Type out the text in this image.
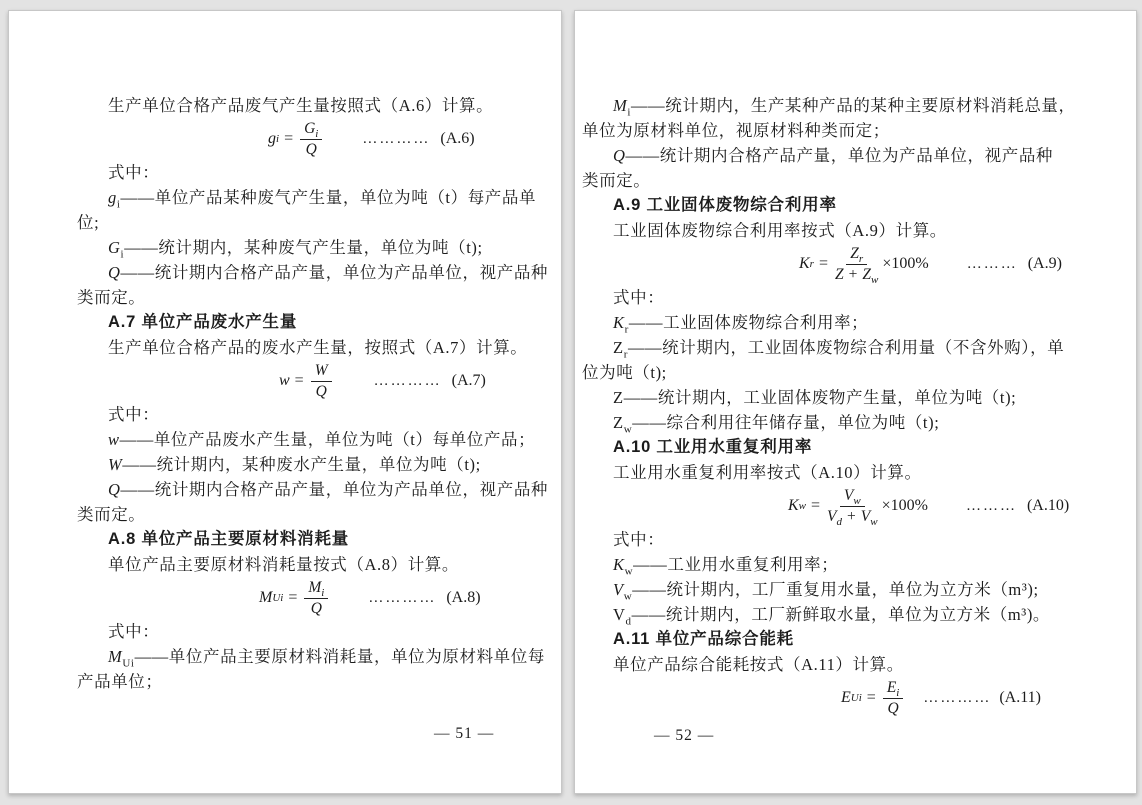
生产单位合格产品废气产生量按照式（A.6）计算。
g $i = \frac{G_i}{Q}$	………… (A.6)
式中：
$g_i——$单位产品某种废气产生量，单位为吨（t）每产品单
位;
$G_i——$统计期内，某种废气产生量，单位为吨（t);
Q——统计期内合格产品产量，单位为产品单位，视产品种
类而定。
A.7 单位产品废水产生量
生产单位合格产品的废水产生量，按照式（A.7）计算。
$w = \frac{W}{Q}$	………… (A.7)
式中：
w——单位产品废水产生量，单位为吨（t）每单位产品；
W——统计期内，某种废水产生量，单位为吨（t);
Q——统计期内合格产品产量，单位为产品单位，视产品种
类而定。
A.8 单位产品主要原材料消耗量
单位产品主要原材料消耗量按式（A.8）计算。
M $Ui = \frac{M_i}{Q}$	………… (A.8)
式中：
$M_{Ui}——$单位产品主要原材料消耗量，单位为原材料单位每
产品单位；
— 51 —
$M_i——$统计期内，生产某种产品的某种主要原材料消耗总量，
单位为原材料单位，视原材料种类而定；
Q——统计期内合格产品产量，单位为产品单位，视产品种
类而定。
A.9 工业固体废物综合利用率
工业固体废物综合利用率按式（A.9）计算。
K $r = \frac{Z_r}{Z + Z_w} \times 100\%$	……… (A.9)
式中：
$K_r——$工业固体废物综合利用率；
$Z_r——$统计期内，工业固体废物综合利用量（不含外购），单
位为吨（t);
Z——统计期内，工业固体废物产生量，单位为吨（t);
$Z_w——$综合利用往年储存量，单位为吨（t);
A.10 工业用水重复利用率
工业用水重复利用率按式（A.10）计算。
K $w = \frac{V_w}{V_d + V_w} \times 100\%$	……… (A.10)
式中：
$K_w——$工业用水重复利用率；
$V_w——$统计期内，工厂重复用水量，单位为立方米（m³);
$V_d——$统计期内，工厂新鲜取水量，单位为立方米（m³)。
A.11 单位产品综合能耗
单位产品综合能耗按式（A.11）计算。
E $Ui = \frac{E_i}{Q}$ ………… (A.11)
— 52 —
